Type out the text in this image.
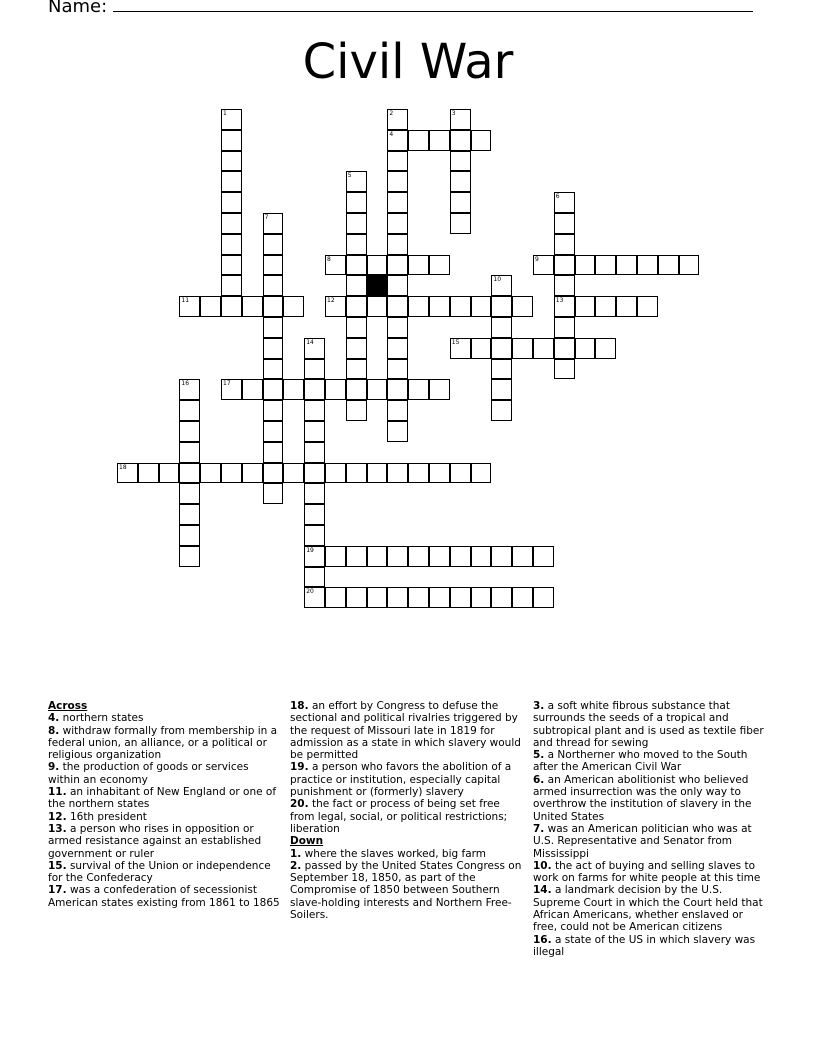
Name:
Civil War
1	2
4
3
5
6
13
7
8	9
10
11	12
14
19
15
16	17
18
20
Across

4. northern states

8. withdraw formally from membership in a federal union, an alliance, or a political or religious organization

9. the production of goods or services within an economy

11. an inhabitant of New England or one of the northern states

12. 16th president

13. a person who rises in opposition or armed resistance against an established government or ruler

15. survival of the Union or independence for the Confederacy

17. was a confederation of secessionist American states existing from 1861 to 1865

18. an effort by Congress to defuse the sectional and political rivalries triggered by the request of Missouri late in 1819 for admission as a state in which slavery would be permitted

19. a person who favors the abolition of a practice or institution, especially capital punishment or (formerly) slavery

20. the fact or process of being set free from legal, social, or political restrictions; liberation

Down

1. where the slaves worked, big farm

2. passed by the United States Congress on September 18, 1850, as part of the Compromise of 1850 between Southern slave-holding interests and Northern Free-Soilers.

3. a soft white fibrous substance that surrounds the seeds of a tropical and subtropical plant and is used as textile fiber and thread for sewing

5. a Northerner who moved to the South after the American Civil War

6. an American abolitionist who believed armed insurrection was the only way to overthrow the institution of slavery in the United States

7. was an American politician who was at U.S. Representative and Senator from Mississippi

10. the act of buying and selling slaves to work on farms for white people at this time

14. a landmark decision by the U.S. Supreme Court in which the Court held that African Americans, whether enslaved or free, could not be American citizens

16. a state of the US in which slavery was illegal
